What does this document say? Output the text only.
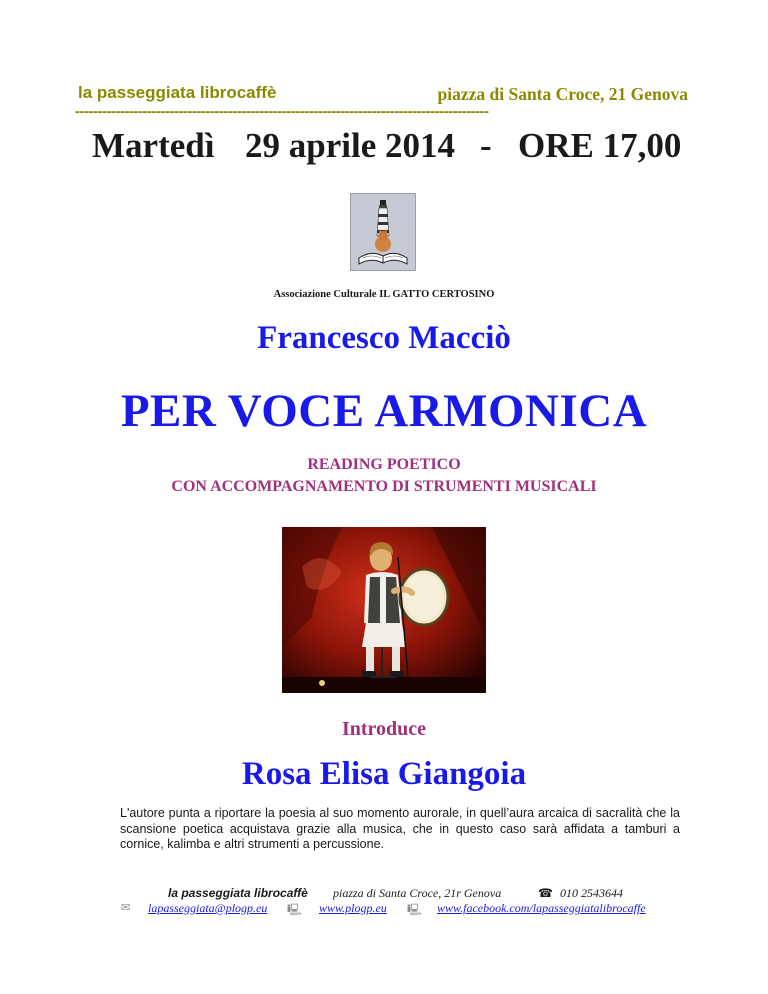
la passeggiata librocaffè	piazza di Santa Croce, 21 Genova
--------------------------------------------------------------------------------------------
Martedì 29 aprile 2014 - ORE 17,00
Associazione Culturale IL GATTO CERTOSINO
Francesco Macciò
PER VOCE ARMONICA
READING POETICO
CON ACCOMPAGNAMENTO DI STRUMENTI MUSICALI
Introduce
Rosa Elisa Giangoia
L'autore punta a riportare la poesia al suo momento aurorale, in quell’aura arcaica di sacralità che la scansione poetica acquistava grazie alla musica, che in questo caso sarà affidata a tamburi a cornice, kalimba e altri strumenti a percussione.
la passeggiata librocaffè piazza di Santa Croce, 21r Genova	☎ 010 2543644
✉ lapasseggiata@plogp.eu 🖳 www.plogp.eu 🖳 www.facebook.com/lapasseggiatalibrocaffe
